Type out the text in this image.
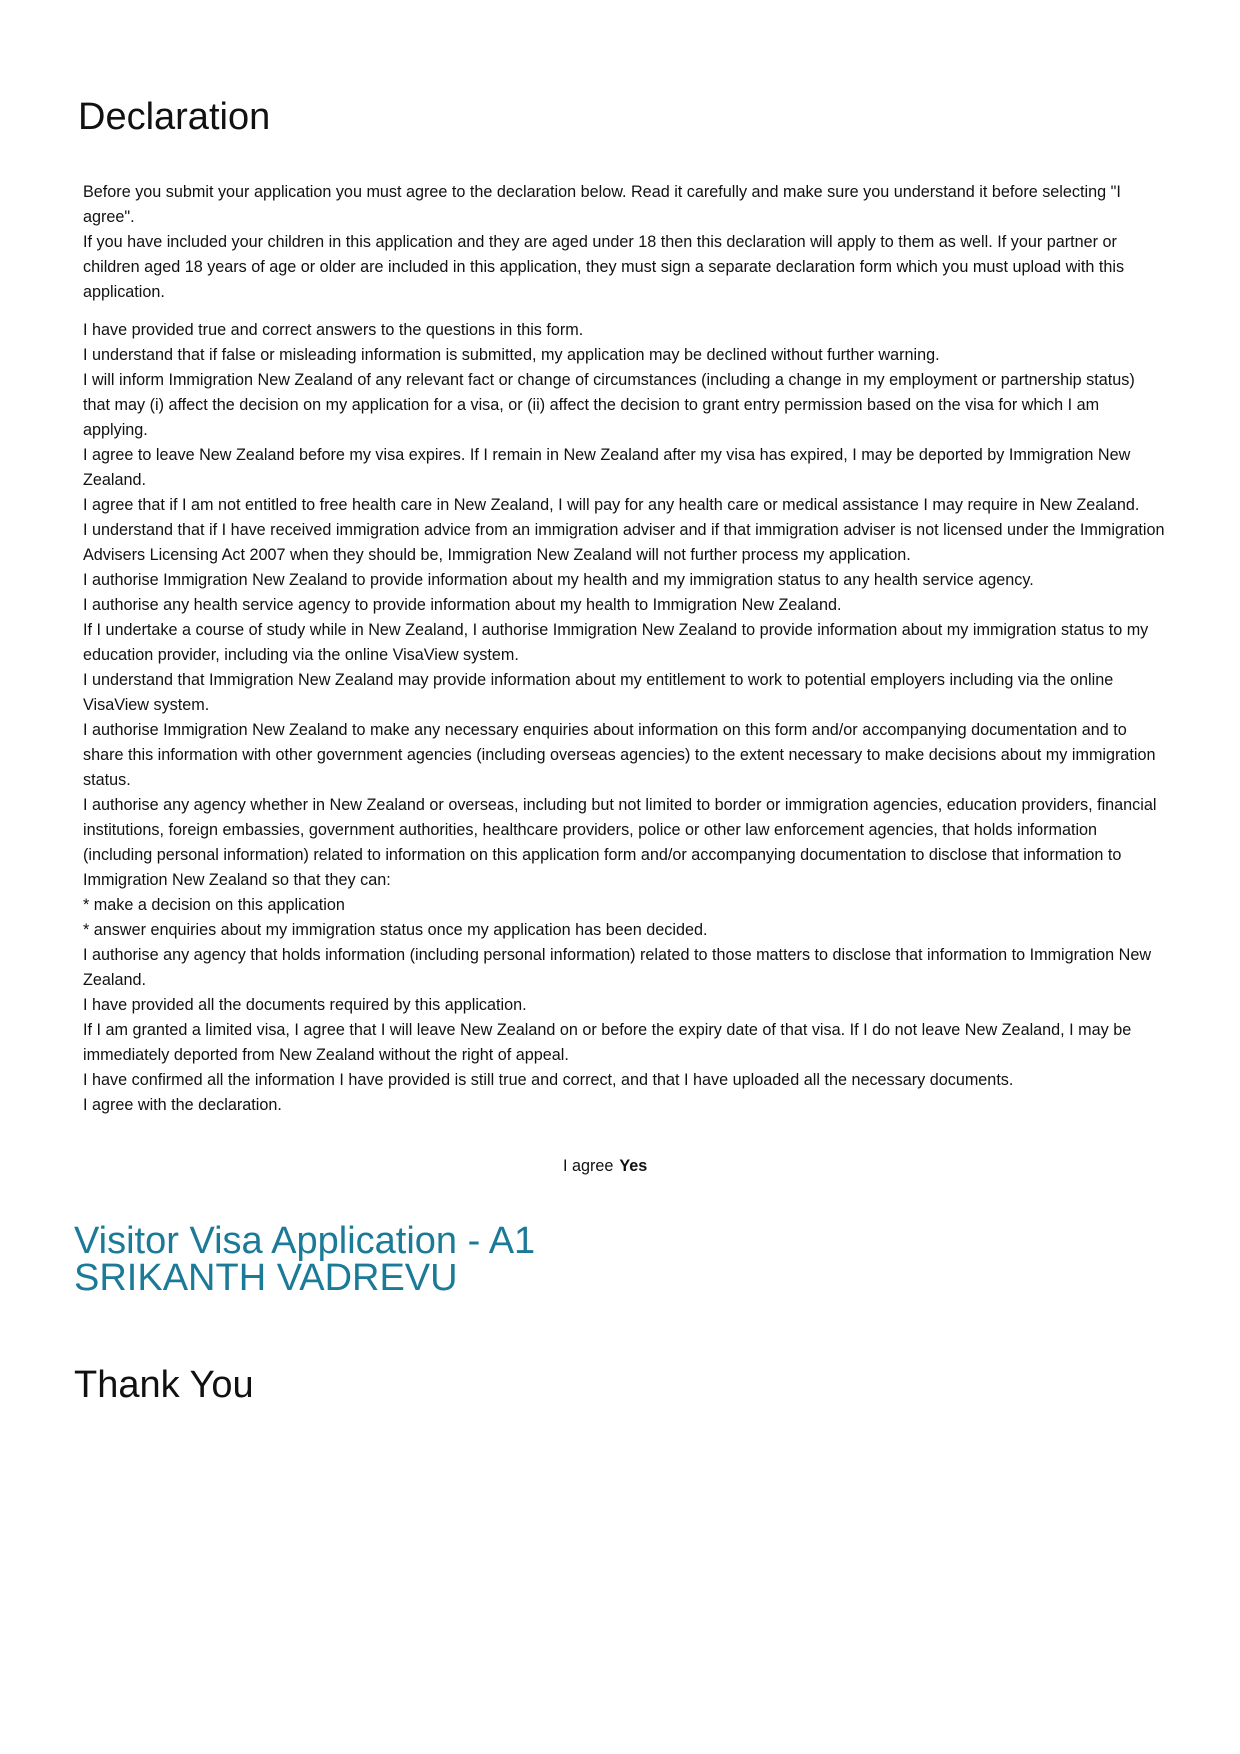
Declaration

Before you submit your application you must agree to the declaration below. Read it carefully and make sure you understand it before selecting "I agree".

If you have included your children in this application and they are aged under 18 then this declaration will apply to them as well. If your partner or children aged 18 years of age or older are included in this application, they must sign a separate declaration form which you must upload with this application.

I have provided true and correct answers to the questions in this form.
I understand that if false or misleading information is submitted, my application may be declined without further warning.
I will inform Immigration New Zealand of any relevant fact or change of circumstances (including a change in my employment or partnership status) that may (i) affect the decision on my application for a visa, or (ii) affect the decision to grant entry permission based on the visa for which I am applying.
I agree to leave New Zealand before my visa expires. If I remain in New Zealand after my visa has expired, I may be deported by Immigration New Zealand.
I agree that if I am not entitled to free health care in New Zealand, I will pay for any health care or medical assistance I may require in New Zealand.
I understand that if I have received immigration advice from an immigration adviser and if that immigration adviser is not licensed under the Immigration Advisers Licensing Act 2007 when they should be, Immigration New Zealand will not further process my application.
I authorise Immigration New Zealand to provide information about my health and my immigration status to any health service agency.
I authorise any health service agency to provide information about my health to Immigration New Zealand.
If I undertake a course of study while in New Zealand, I authorise Immigration New Zealand to provide information about my immigration status to my education provider, including via the online VisaView system.
I understand that Immigration New Zealand may provide information about my entitlement to work to potential employers including via the online VisaView system.
I authorise Immigration New Zealand to make any necessary enquiries about information on this form and/or accompanying documentation and to share this information with other government agencies (including overseas agencies) to the extent necessary to make decisions about my immigration status.
I authorise any agency whether in New Zealand or overseas, including but not limited to border or immigration agencies, education providers, financial institutions, foreign embassies, government authorities, healthcare providers, police or other law enforcement agencies, that holds information (including personal information) related to information on this application form and/or accompanying documentation to disclose that information to Immigration New Zealand so that they can:
* make a decision on this application
* answer enquiries about my immigration status once my application has been decided.
I authorise any agency that holds information (including personal information) related to those matters to disclose that information to Immigration New Zealand.
I have provided all the documents required by this application.
If I am granted a limited visa, I agree that I will leave New Zealand on or before the expiry date of that visa. If I do not leave New Zealand, I may be immediately deported from New Zealand without the right of appeal.
I have confirmed all the information I have provided is still true and correct, and that I have uploaded all the necessary documents.
I agree with the declaration.
I agree Yes
Visitor Visa Application - A1
SRIKANTH VADREVU
Thank You
